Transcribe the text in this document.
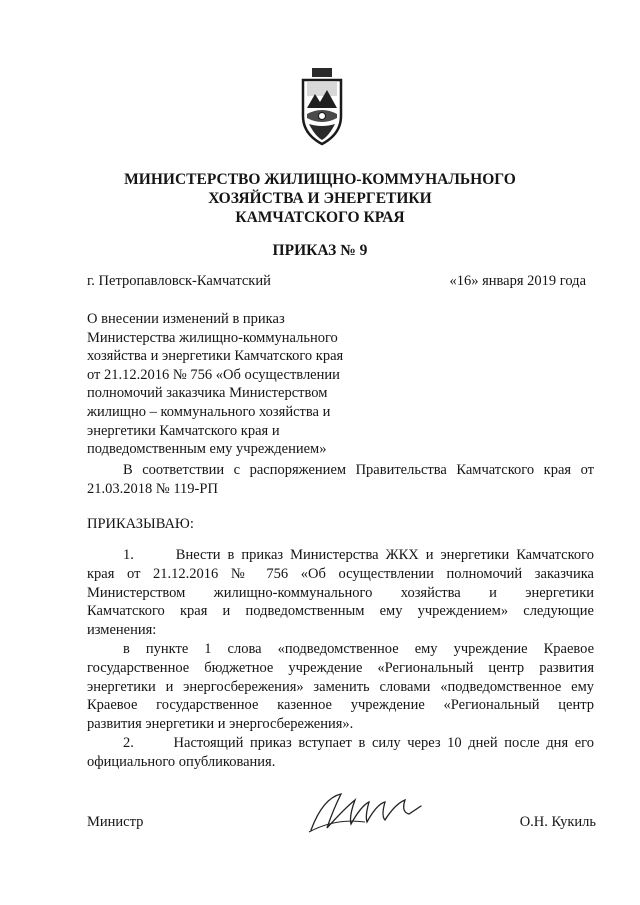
МИНИСТЕРСТВО ЖИЛИЩНО-КОММУНАЛЬНОГО
ХОЗЯЙСТВА И ЭНЕРГЕТИКИ
КАМЧАТСКОГО КРАЯ
ПРИКАЗ № 9
г. Петропавловск-Камчатский	«16» января 2019 года
О внесении изменений в приказ
Министерства жилищно-коммунального
хозяйства и энергетики Камчатского края
от 21.12.2016 № 756 «Об осуществлении
полномочий заказчика Министерством
жилищно – коммунального хозяйства и
энергетики Камчатского края и
подведомственным ему учреждением»
В соответствии с распоряжением Правительства Камчатского края от
21.03.2018 № 119-РП
ПРИКАЗЫВАЮ:
1.      Внести в приказ Министерства ЖКХ и энергетики Камчатского
края от 21.12.2016 № 756 «Об осуществлении полномочий заказчика
Министерством жилищно-коммунального хозяйства и энергетики
Камчатского края и подведомственным ему учреждением» следующие
изменения:
в пункте 1 слова «подведомственное ему учреждение Краевое
государственное бюджетное учреждение «Региональный центр развития
энергетики и энергосбережения» заменить словами «подведомственное ему
Краевое государственное казенное учреждение «Региональный центр
развития энергетики и энергосбережения».
2.      Настоящий приказ вступает в силу через 10 дней после дня его
официального опубликования.
Министр	О.Н. Кукиль
